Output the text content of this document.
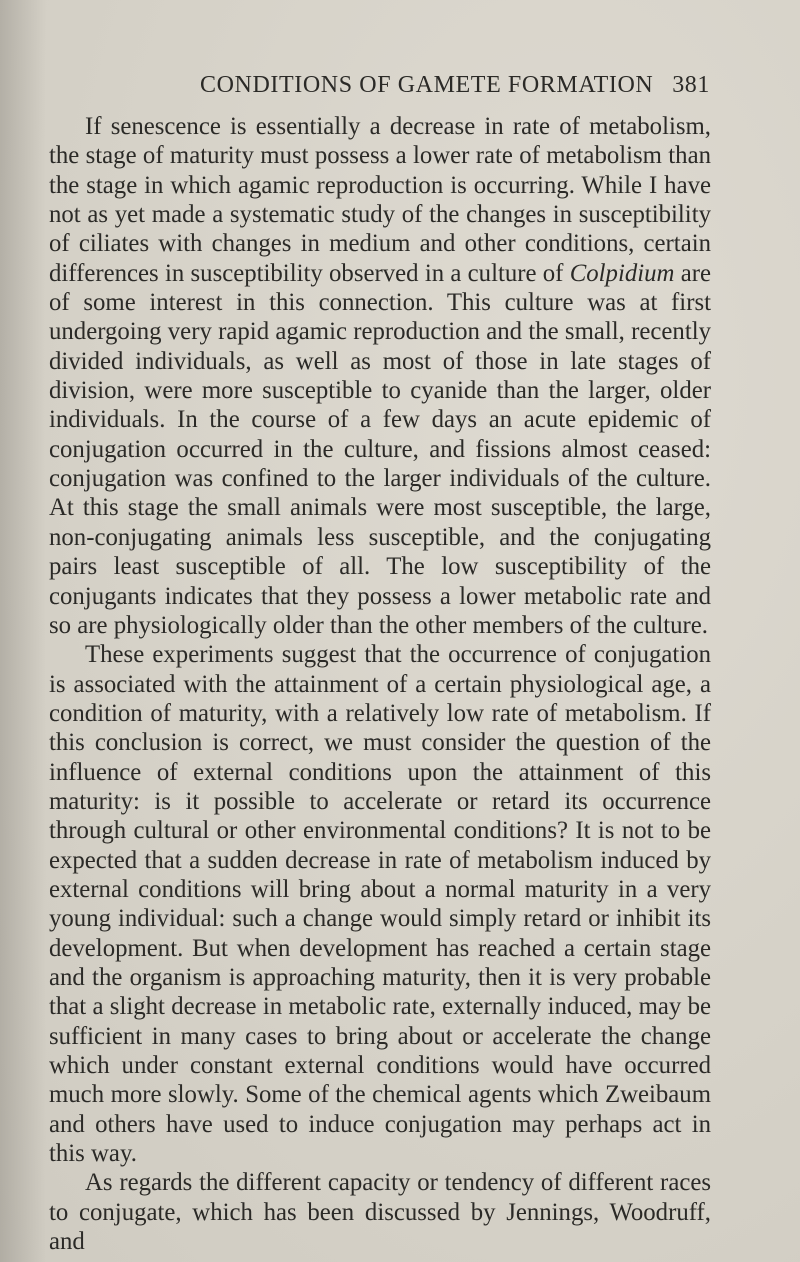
CONDITIONS OF GAMETE FORMATION 381

If senescence is essentially a decrease in rate of metabolism, the stage of maturity must possess a lower rate of metabolism than the stage in which agamic reproduction is occurring. While I have not as yet made a systematic study of the changes in susceptibility of ciliates with changes in medium and other conditions, certain differences in susceptibility observed in a culture of Colpidium are of some interest in this connection. This culture was at first undergoing very rapid agamic reproduction and the small, recently divided individuals, as well as most of those in late stages of division, were more susceptible to cyanide than the larger, older individuals. In the course of a few days an acute epidemic of conjugation occurred in the culture, and fissions almost ceased: conjugation was confined to the larger individuals of the culture. At this stage the small animals were most susceptible, the large, non-conjugating animals less susceptible, and the conjugating pairs least susceptible of all. The low susceptibility of the conjugants indicates that they possess a lower metabolic rate and so are physiologically older than the other members of the culture.

These experiments suggest that the occurrence of conjugation is associated with the attainment of a certain physiological age, a condition of maturity, with a relatively low rate of metabolism. If this conclusion is correct, we must consider the question of the influence of external conditions upon the attainment of this maturity: is it possible to accelerate or retard its occurrence through cultural or other environmental conditions? It is not to be expected that a sudden decrease in rate of metabolism induced by external conditions will bring about a normal maturity in a very young individual: such a change would simply retard or inhibit its development. But when development has reached a certain stage and the organism is approaching maturity, then it is very probable that a slight decrease in metabolic rate, externally induced, may be sufficient in many cases to bring about or accelerate the change which under constant external conditions would have occurred much more slowly. Some of the chemical agents which Zweibaum and others have used to induce conjugation may perhaps act in this way.

As regards the different capacity or tendency of different races to conjugate, which has been discussed by Jennings, Woodruff, and
